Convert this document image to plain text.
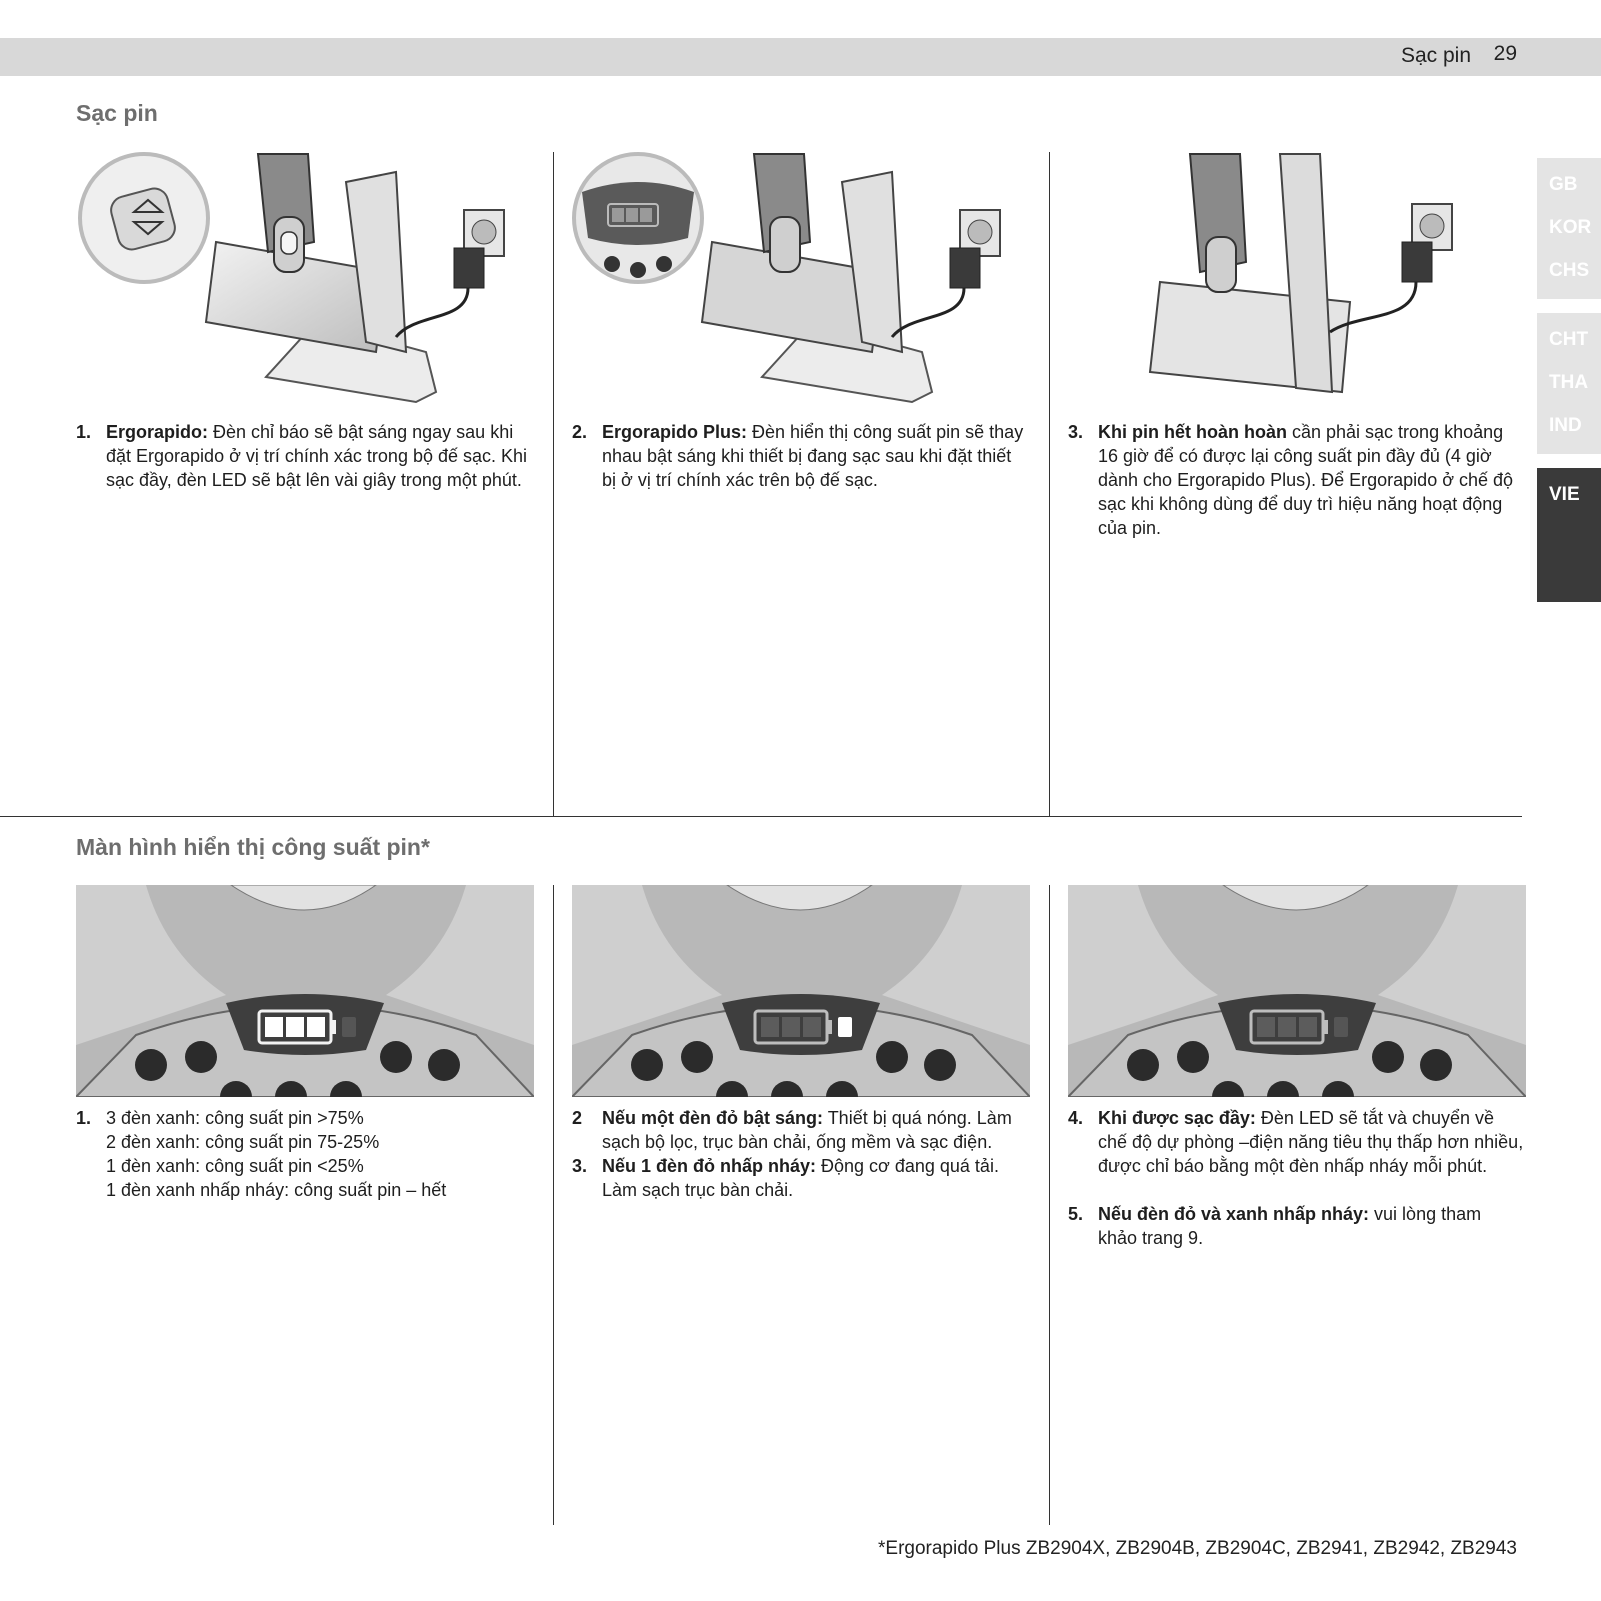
Sạc pin 29
GB
KOR
CHS
CHT
THA
IND
VIE
Sạc pin
1. Ergorapido: Đèn chỉ báo sẽ bật sáng ngay sau khi đặt Ergorapido ở vị trí chính xác trong bộ đế sạc. Khi sạc đầy, đèn LED sẽ bật lên vài giây trong một phút.
2. Ergorapido Plus: Đèn hiển thị công suất pin sẽ thay nhau bật sáng khi thiết bị đang sạc sau khi đặt thiết bị ở vị trí chính xác trên bộ đế sạc.
3. Khi pin hết hoàn hoàn cần phải sạc trong khoảng 16 giờ để có được lại công suất pin đầy đủ (4 giờ dành cho Ergorapido Plus). Để Ergorapido ở chế độ sạc khi không dùng để duy trì hiệu năng hoạt động của pin.
Màn hình hiển thị công suất pin*
1. 3 đèn xanh: công suất pin >75%
2 đèn xanh: công suất pin 75-25%
1 đèn xanh: công suất pin <25%
1 đèn xanh nhấp nháy: công suất pin – hết
2	Nếu một đèn đỏ bật sáng: Thiết bị quá nóng. Làm sạch bộ lọc, trục bàn chải, ống mềm và sạc điện.
3. Nếu 1 đèn đỏ nhấp nháy: Động cơ đang quá tải. Làm sạch trục bàn chải.
4. Khi được sạc đầy: Đèn LED sẽ tắt và chuyển về chế độ dự phòng –điện năng tiêu thụ thấp hơn nhiều, được chỉ báo bằng một đèn nhấp nháy mỗi phút.
5. Nếu đèn đỏ và xanh nhấp nháy: vui lòng tham khảo trang 9.
*Ergorapido Plus ZB2904X, ZB2904B, ZB2904C, ZB2941, ZB2942, ZB2943
